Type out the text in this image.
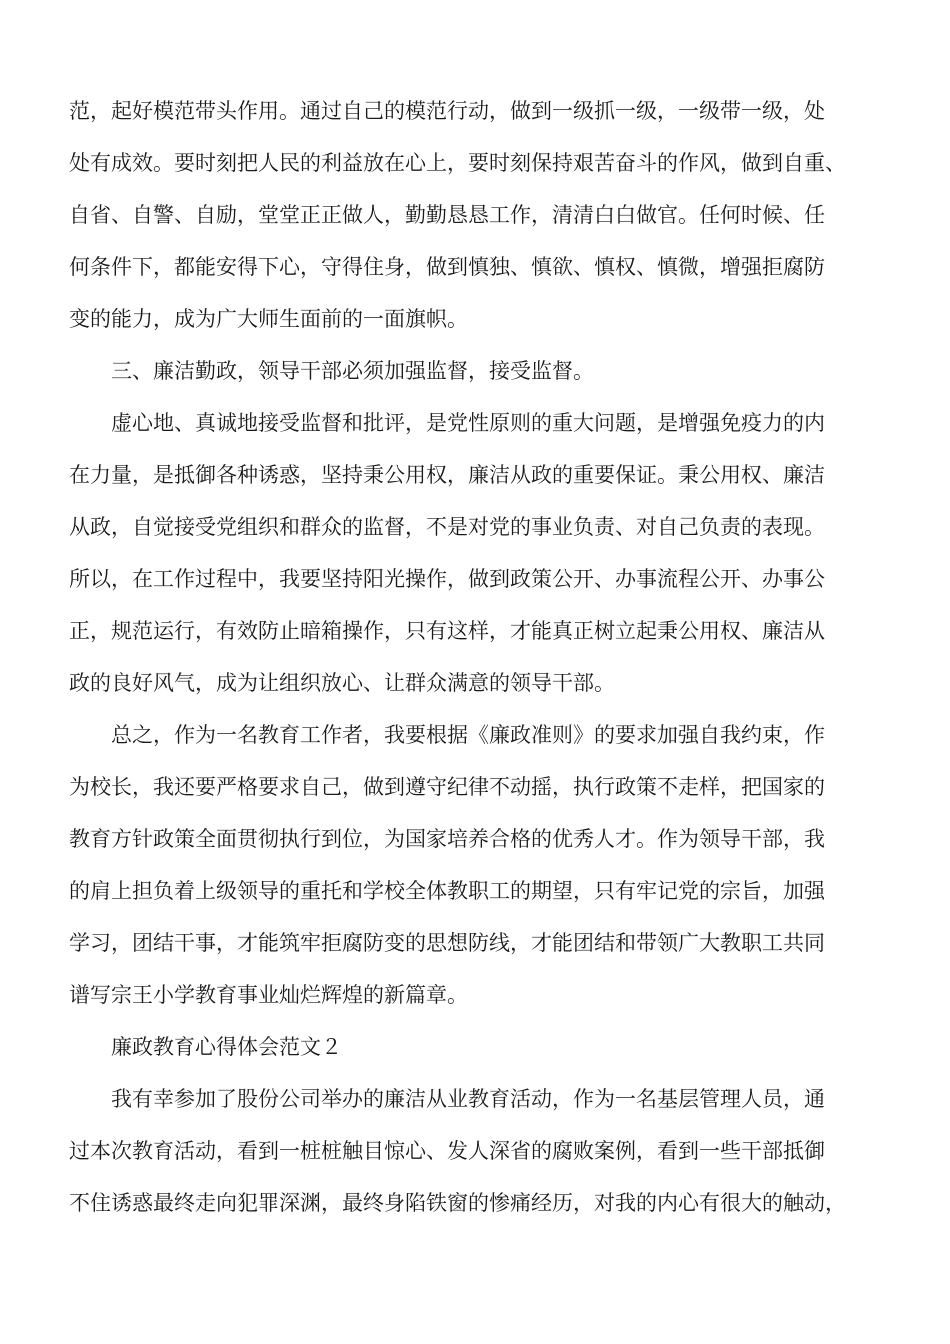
范，起好模范带头作用。通过自己的模范行动，做到一级抓一级，一级带一级，处
处有成效。要时刻把人民的利益放在心上，要时刻保持艰苦奋斗的作风，做到自重、
自省、自警、自励，堂堂正正做人，勤勤恳恳工作，清清白白做官。任何时候、任
何条件下，都能安得下心，守得住身，做到慎独、慎欲、慎权、慎微，增强拒腐防
变的能力，成为广大师生面前的一面旗帜。
三、廉洁勤政，领导干部必须加强监督，接受监督。
虚心地、真诚地接受监督和批评，是党性原则的重大问题，是增强免疫力的内
在力量，是抵御各种诱惑，坚持秉公用权，廉洁从政的重要保证。秉公用权、廉洁
从政，自觉接受党组织和群众的监督，不是对党的事业负责、对自己负责的表现。
所以，在工作过程中，我要坚持阳光操作，做到政策公开、办事流程公开、办事公
正，规范运行，有效防止暗箱操作，只有这样，才能真正树立起秉公用权、廉洁从
政的良好风气，成为让组织放心、让群众满意的领导干部。
总之，作为一名教育工作者，我要根据《廉政准则》的要求加强自我约束，作
为校长，我还要严格要求自己，做到遵守纪律不动摇，执行政策不走样，把国家的
教育方针政策全面贯彻执行到位，为国家培养合格的优秀人才。作为领导干部，我
的肩上担负着上级领导的重托和学校全体教职工的期望，只有牢记党的宗旨，加强
学习，团结干事，才能筑牢拒腐防变的思想防线，才能团结和带领广大教职工共同
谱写宗王小学教育事业灿烂辉煌的新篇章。
廉政教育心得体会范文２
我有幸参加了股份公司举办的廉洁从业教育活动，作为一名基层管理人员，通
过本次教育活动，看到一桩桩触目惊心、发人深省的腐败案例，看到一些干部抵御
不住诱惑最终走向犯罪深渊，最终身陷铁窗的惨痛经历，对我的内心有很大的触动，
